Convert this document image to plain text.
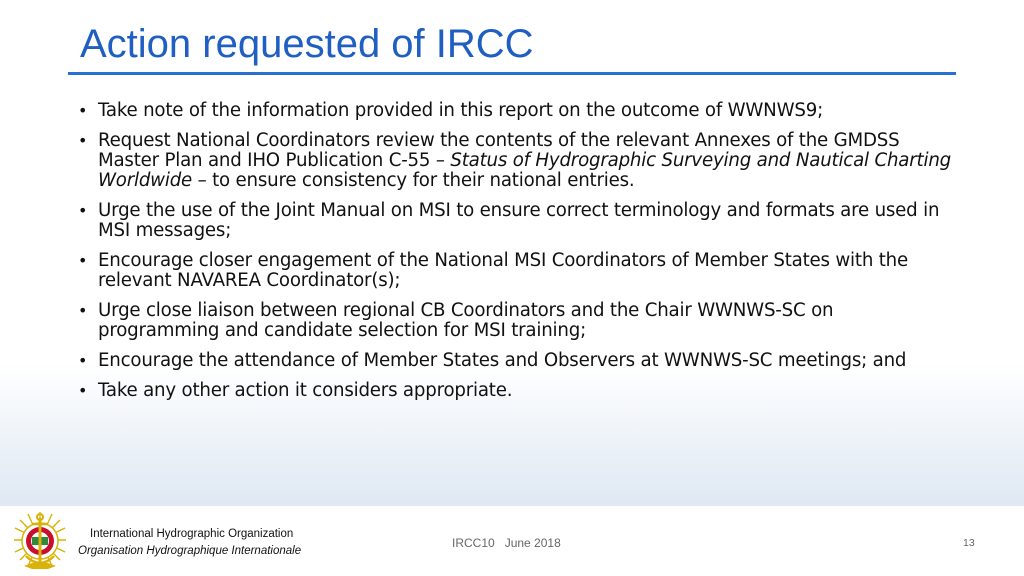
Action requested of IRCC
• Take note of the information provided in this report on the outcome of WWNWS9;
• Request National Coordinators review the contents of the relevant Annexes of the GMDSS Master Plan and IHO Publication C-55 – Status of Hydrographic Surveying and Nautical Charting Worldwide – to ensure consistency for their national entries.
• Urge the use of the Joint Manual on MSI to ensure correct terminology and formats are used in MSI messages;
• Encourage closer engagement of the National MSI Coordinators of Member States with the relevant NAVAREA Coordinator(s);
• Urge close liaison between regional CB Coordinators and the Chair WWNWS-SC on programming and candidate selection for MSI training;
• Encourage the attendance of Member States and Observers at WWNWS-SC meetings; and
• Take any other action it considers appropriate.
International Hydrographic Organization
Organisation Hydrographique Internationale
IRCC10 June 2018	13
